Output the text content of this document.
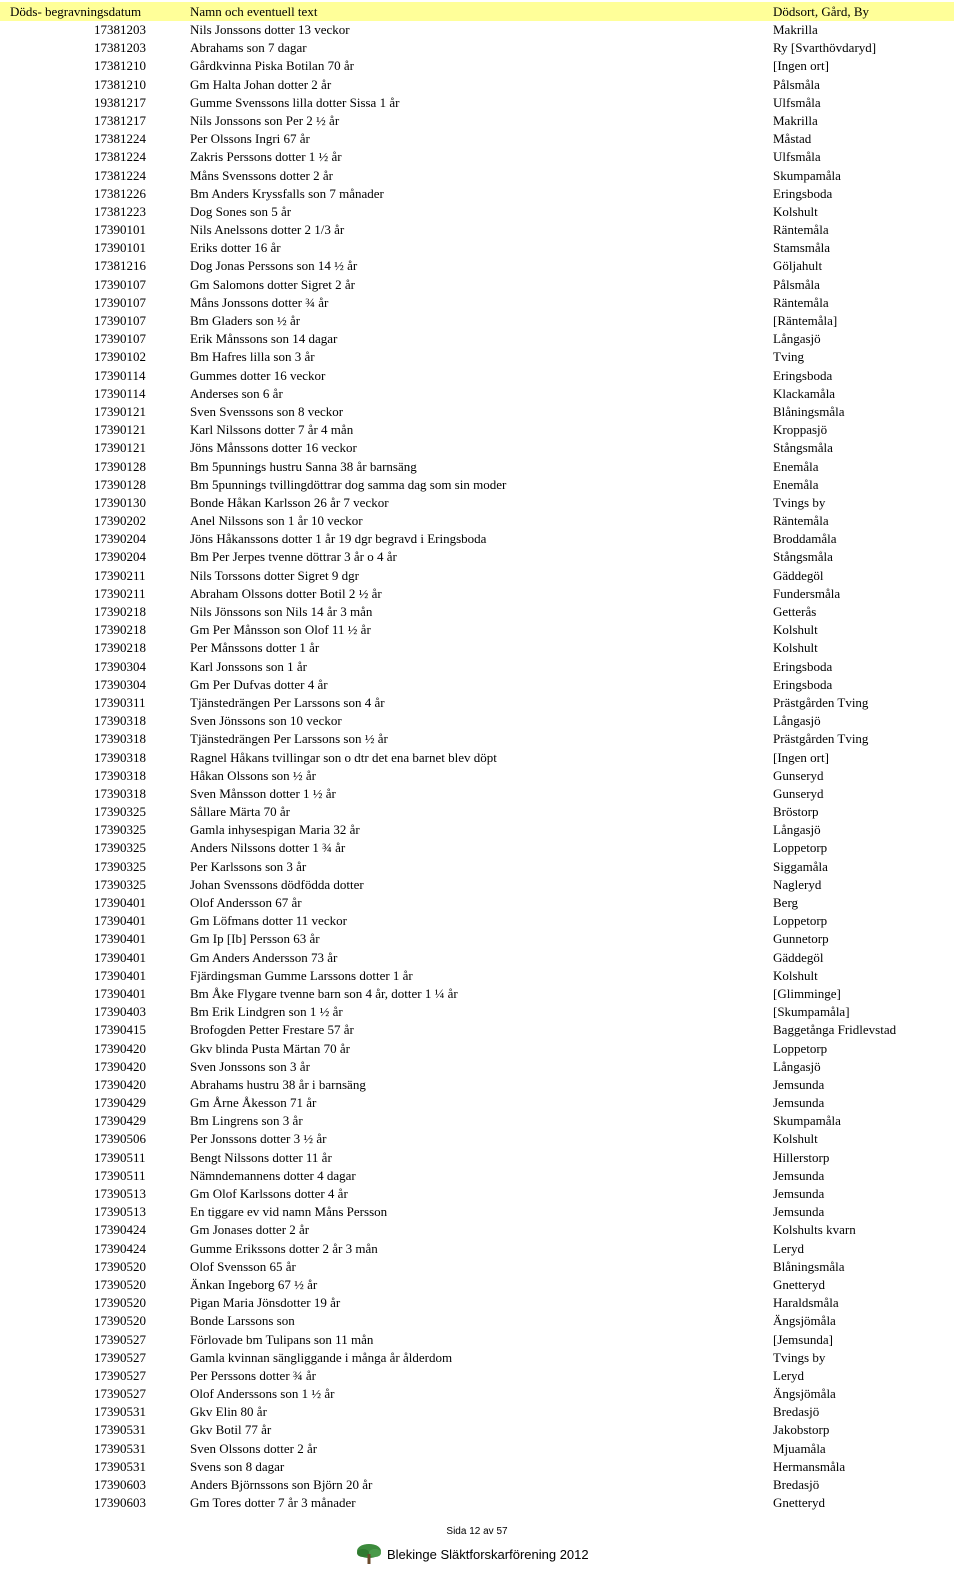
Döds- begravningsdatum	Namn och eventuell text	Dödsort, Gård, By
17381203	Nils Jonssons dotter 13 veckor	Makrilla
17381203	Abrahams son 7 dagar	Ry [Svarthövdaryd]
17381210	Gårdkvinna Piska Botilan 70 år	[Ingen ort]
17381210	Gm Halta Johan dotter 2 år	Pålsmåla
19381217	Gumme Svenssons lilla dotter Sissa 1 år	Ulfsmåla
17381217	Nils Jonssons son Per 2 ½ år	Makrilla
17381224	Per Olssons Ingri 67 år	Måstad
17381224	Zakris Perssons dotter 1 ½ år	Ulfsmåla
17381224	Måns Svenssons dotter 2 år	Skumpamåla
17381226	Bm Anders Kryssfalls son 7 månader	Eringsboda
17381223	Dog Sones son 5 år	Kolshult
17390101	Nils Anelssons dotter 2 1/3 år	Räntemåla
17390101	Eriks dotter 16 år	Stamsmåla
17381216	Dog Jonas Perssons son 14 ½ år	Göljahult
17390107	Gm Salomons dotter Sigret 2 år	Pålsmåla
17390107	Måns Jonssons dotter ¾ år	Räntemåla
17390107	Bm Gladers son ½ år	[Räntemåla]
17390107	Erik Månssons son 14 dagar	Långasjö
17390102	Bm Hafres lilla son 3 år	Tving
17390114	Gummes dotter 16 veckor	Eringsboda
17390114	Anderses son 6 år	Klackamåla
17390121	Sven Svenssons son 8 veckor	Blåningsmåla
17390121	Karl Nilssons dotter 7 år 4 mån	Kroppasjö
17390121	Jöns Månssons dotter 16 veckor	Stångsmåla
17390128	Bm 5punnings hustru Sanna 38 år barnsäng	Enemåla
17390128	Bm 5punnings tvillingdöttrar dog samma dag som sin moder	Enemåla
17390130	Bonde Håkan Karlsson 26 år 7 veckor	Tvings by
17390202	Anel Nilssons son 1 år 10 veckor	Räntemåla
17390204	Jöns Håkanssons dotter 1 år 19 dgr begravd i Eringsboda	Broddamåla
17390204	Bm Per Jerpes tvenne döttrar 3 år o 4 år	Stångsmåla
17390211	Nils Torssons dotter Sigret 9 dgr	Gäddegöl
17390211	Abraham Olssons dotter Botil 2 ½ år	Fundersmåla
17390218	Nils Jönssons son Nils 14 år 3 mån	Getterås
17390218	Gm Per Månsson son Olof 11 ½ år	Kolshult
17390218	Per Månssons dotter 1 år	Kolshult
17390304	Karl Jonssons son 1 år	Eringsboda
17390304	Gm Per Dufvas dotter 4 år	Eringsboda
17390311	Tjänstedrängen Per Larssons son 4 år	Prästgården Tving
17390318	Sven Jönssons son 10 veckor	Långasjö
17390318	Tjänstedrängen Per Larssons son ½ år	Prästgården Tving
17390318	Ragnel Håkans tvillingar son o dtr det ena barnet blev döpt	[Ingen ort]
17390318	Håkan Olssons son ½ år	Gunseryd
17390318	Sven Månsson dotter 1 ½ år	Gunseryd
17390325	Sållare Märta 70 år	Bröstorp
17390325	Gamla inhysespigan Maria 32 år	Långasjö
17390325	Anders Nilssons dotter 1 ¾ år	Loppetorp
17390325	Per Karlssons son 3 år	Siggamåla
17390325	Johan Svenssons dödfödda dotter	Nagleryd
17390401	Olof Andersson 67 år	Berg
17390401	Gm Löfmans dotter 11 veckor	Loppetorp
17390401	Gm Ip [Ib] Persson 63 år	Gunnetorp
17390401	Gm Anders Andersson 73 år	Gäddegöl
17390401	Fjärdingsman Gumme Larssons dotter 1 år	Kolshult
17390401	Bm Åke Flygare tvenne barn son 4 år, dotter 1 ¼ år	[Glimminge]
17390403	Bm Erik Lindgren son 1 ½ år	[Skumpamåla]
17390415	Brofogden Petter Frestare 57 år	Baggetånga Fridlevstad
17390420	Gkv blinda Pusta Märtan 70 år	Loppetorp
17390420	Sven Jonssons son 3 år	Långasjö
17390420	Abrahams hustru 38 år i barnsäng	Jemsunda
17390429	Gm Årne Åkesson 71 år	Jemsunda
17390429	Bm Lingrens son 3 år	Skumpamåla
17390506	Per Jonssons dotter 3 ½ år	Kolshult
17390511	Bengt Nilssons dotter 11 år	Hillerstorp
17390511	Nämndemannens dotter 4 dagar	Jemsunda
17390513	Gm Olof Karlssons dotter 4 år	Jemsunda
17390513	En tiggare ev vid namn Måns Persson	Jemsunda
17390424	Gm Jonases dotter 2 år	Kolshults kvarn
17390424	Gumme Erikssons dotter 2 år 3 mån	Leryd
17390520	Olof Svensson 65 år	Blåningsmåla
17390520	Änkan Ingeborg 67 ½ år	Gnetteryd
17390520	Pigan Maria Jönsdotter 19 år	Haraldsmåla
17390520	Bonde Larssons son	Ängsjömåla
17390527	Förlovade bm Tulipans son 11 mån	[Jemsunda]
17390527	Gamla kvinnan sängliggande i många år ålderdom	Tvings by
17390527	Per Perssons dotter ¾ år	Leryd
17390527	Olof Anderssons son 1 ½ år	Ängsjömåla
17390531	Gkv Elin 80 år	Bredasjö
17390531	Gkv Botil 77 år	Jakobstorp
17390531	Sven Olssons dotter 2 år	Mjuamåla
17390531	Svens son 8 dagar	Hermansmåla
17390603	Anders Björnssons son Björn 20 år	Bredasjö
17390603	Gm Tores dotter 7 år 3 månader	Gnetteryd
Sida 12 av 57
Blekinge Släktforskarförening 2012
